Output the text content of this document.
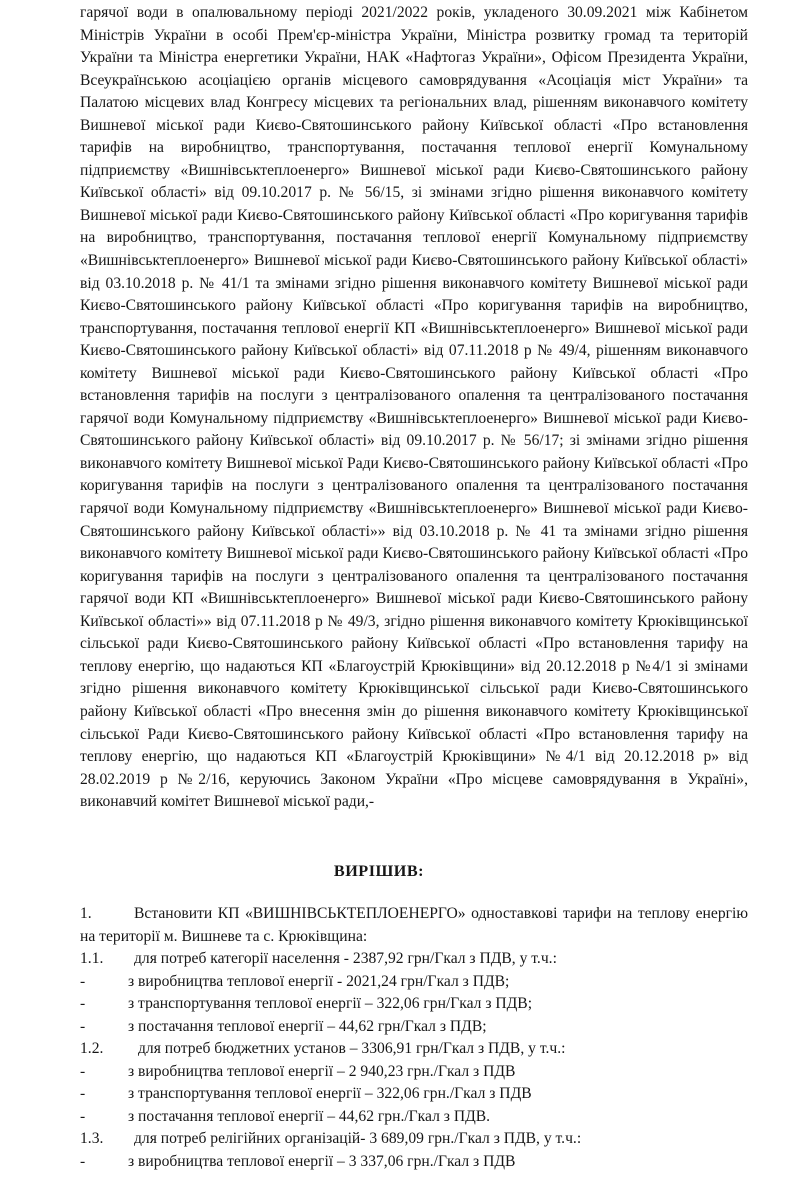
гарячої води в опалювальному періоді 2021/2022 років, укладеного 30.09.2021 між Кабінетом Міністрів України в особі Прем'єр-міністра України, Міністра розвитку громад та територій України та Міністра енергетики України, НАК «Нафтогаз України», Офісом Президента України, Всеукраїнською асоціацією органів місцевого самоврядування «Асоціація міст України» та Палатою місцевих влад Конгресу місцевих та регіональних влад, рішенням виконавчого комітету Вишневої міської ради Києво-Святошинського району Київської області «Про встановлення тарифів на виробництво, транспортування, постачання теплової енергії Комунальному підприємству «Вишнівськтеплоенерго» Вишневої міської ради Києво-Святошинського району Київської області» від 09.10.2017 р. № 56/15, зі змінами згідно рішення виконавчого комітету Вишневої міської ради Києво-Святошинського району Київської області «Про коригування тарифів на виробництво, транспортування, постачання теплової енергії Комунальному підприємству «Вишнівськтеплоенерго» Вишневої міської ради Києво-Святошинського району Київської області» від 03.10.2018 р. № 41/1 та змінами згідно рішення виконавчого комітету Вишневої міської ради Києво-Святошинського району Київської області «Про коригування тарифів на виробництво, транспортування, постачання теплової енергії КП «Вишнівськтеплоенерго» Вишневої міської ради Києво-Святошинського району Київської області» від 07.11.2018 р № 49/4, рішенням виконавчого комітету Вишневої міської ради Києво-Святошинського району Київської області «Про встановлення тарифів на послуги з централізованого опалення та централізованого постачання гарячої води Комунальному підприємству «Вишнівськтеплоенерго» Вишневої міської ради Києво-Святошинського району Київської області» від 09.10.2017 р. № 56/17; зі змінами згідно рішення виконавчого комітету Вишневої міської Ради Києво-Святошинського району Київської області «Про коригування тарифів на послуги з централізованого опалення та централізованого постачання гарячої води Комунальному підприємству «Вишнівськтеплоенерго» Вишневої міської ради Києво-Святошинського району Київської області»» від 03.10.2018 р. № 41 та змінами згідно рішення виконавчого комітету Вишневої міської ради Києво-Святошинського району Київської області «Про коригування тарифів на послуги з централізованого опалення та централізованого постачання гарячої води КП «Вишнівськтеплоенерго» Вишневої міської ради Києво-Святошинського району Київської області»» від 07.11.2018 р № 49/3, згідно рішення виконавчого комітету Крюківщинської сільської ради Києво-Святошинського району Київської області «Про встановлення тарифу на теплову енергію, що надаються КП «Благоустрій Крюківщини» від 20.12.2018 р №4/1 зі змінами згідно рішення виконавчого комітету Крюківщинської сільської ради Києво-Святошинського району Київської області «Про внесення змін до рішення виконавчого комітету Крюківщинської сільської Ради Києво-Святошинського району Київської області «Про встановлення тарифу на теплову енергію, що надаються КП «Благоустрій Крюківщини» №4/1 від 20.12.2018 р» від 28.02.2019 р №2/16, керуючись Законом України «Про місцеве самоврядування в Україні», виконавчий комітет Вишневої міської ради,-

ВИРІШИВ:
1.	Встановити КП «ВИШНІВСЬКТЕПЛОЕНЕРГО» одноставкові тарифи на теплову енергію на території м. Вишневе та с. Крюківщина:
1.1. для потреб категорії населення - 2387,92 грн/Гкал з ПДВ, у т.ч.:
-	з виробництва теплової енергії - 2021,24 грн/Гкал з ПДВ;
-	з транспортування теплової енергії – 322,06 грн/Гкал з ПДВ;
-	з постачання теплової енергії – 44,62 грн/Гкал з ПДВ;
1.2. для потреб бюджетних установ – 3306,91 грн/Гкал з ПДВ, у т.ч.:
-	з виробництва теплової енергії – 2 940,23 грн./Гкал з ПДВ
-	з транспортування теплової енергії – 322,06 грн./Гкал з ПДВ
-	з постачання теплової енергії – 44,62 грн./Гкал з ПДВ.
1.3. для потреб релігійних організацій- 3 689,09 грн./Гкал з ПДВ, у т.ч.:
-	з виробництва теплової енергії – 3 337,06 грн./Гкал з ПДВ
